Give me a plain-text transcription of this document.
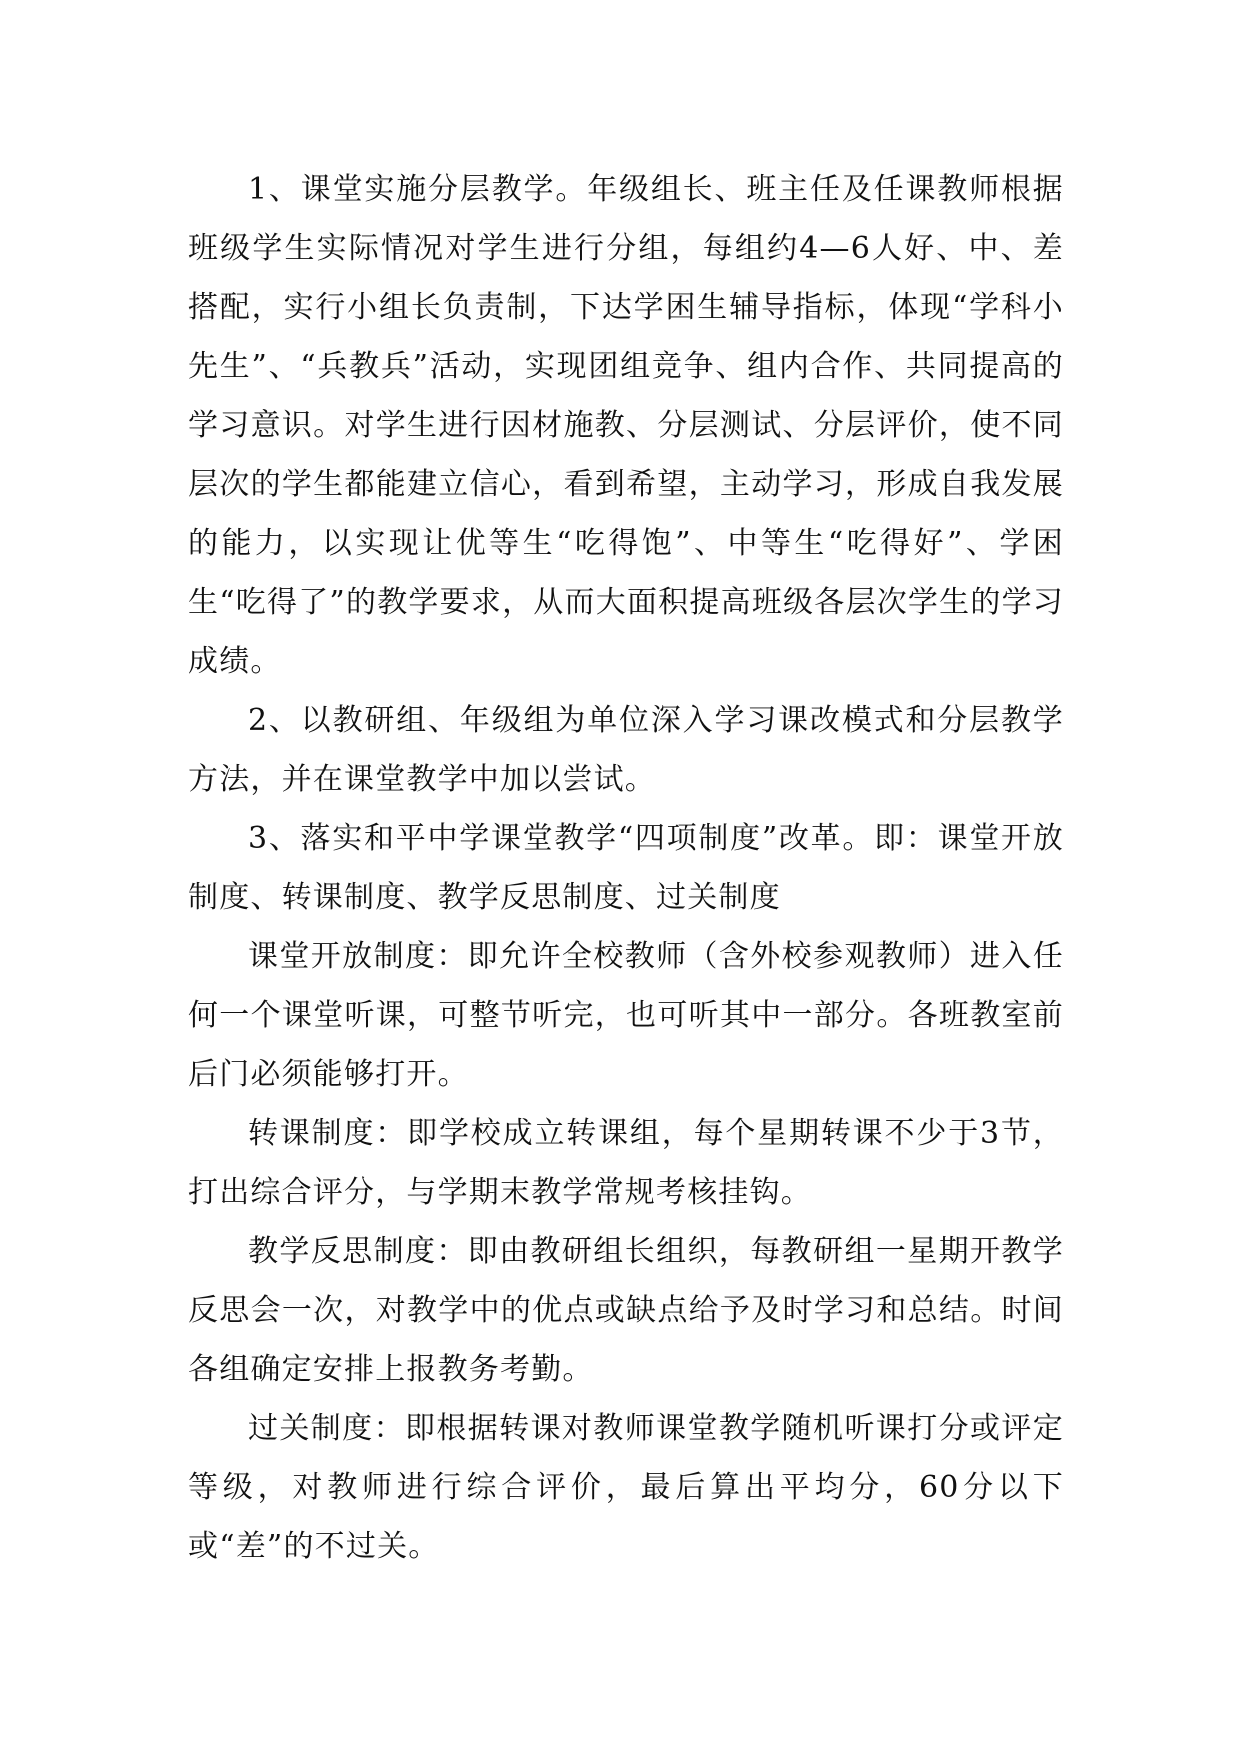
1、课堂实施分层教学。年级组长、班主任及任课教师根据班级学生实际情况对学生进行分组，每组约4—6人好、中、差搭配，实行小组长负责制，下达学困生辅导指标，体现“学科小先生”、“兵教兵”活动，实现团组竞争、组内合作、共同提高的学习意识。对学生进行因材施教、分层测试、分层评价，使不同层次的学生都能建立信心，看到希望，主动学习，形成自我发展的能力，以实现让优等生“吃得饱”、中等生“吃得好”、学困生“吃得了”的教学要求，从而大面积提高班级各层次学生的学习成绩。

2、以教研组、年级组为单位深入学习课改模式和分层教学方法，并在课堂教学中加以尝试。

3、落实和平中学课堂教学“四项制度”改革。即：课堂开放制度、转课制度、教学反思制度、过关制度

课堂开放制度：即允许全校教师（含外校参观教师）进入任何一个课堂听课，可整节听完，也可听其中一部分。各班教室前后门必须能够打开。

转课制度：即学校成立转课组，每个星期转课不少于3节，打出综合评分，与学期末教学常规考核挂钩。

教学反思制度：即由教研组长组织，每教研组一星期开教学反思会一次，对教学中的优点或缺点给予及时学习和总结。时间各组确定安排上报教务考勤。

过关制度：即根据转课对教师课堂教学随机听课打分或评定等级，对教师进行综合评价，最后算出平均分，60分以下或“差”的不过关。
